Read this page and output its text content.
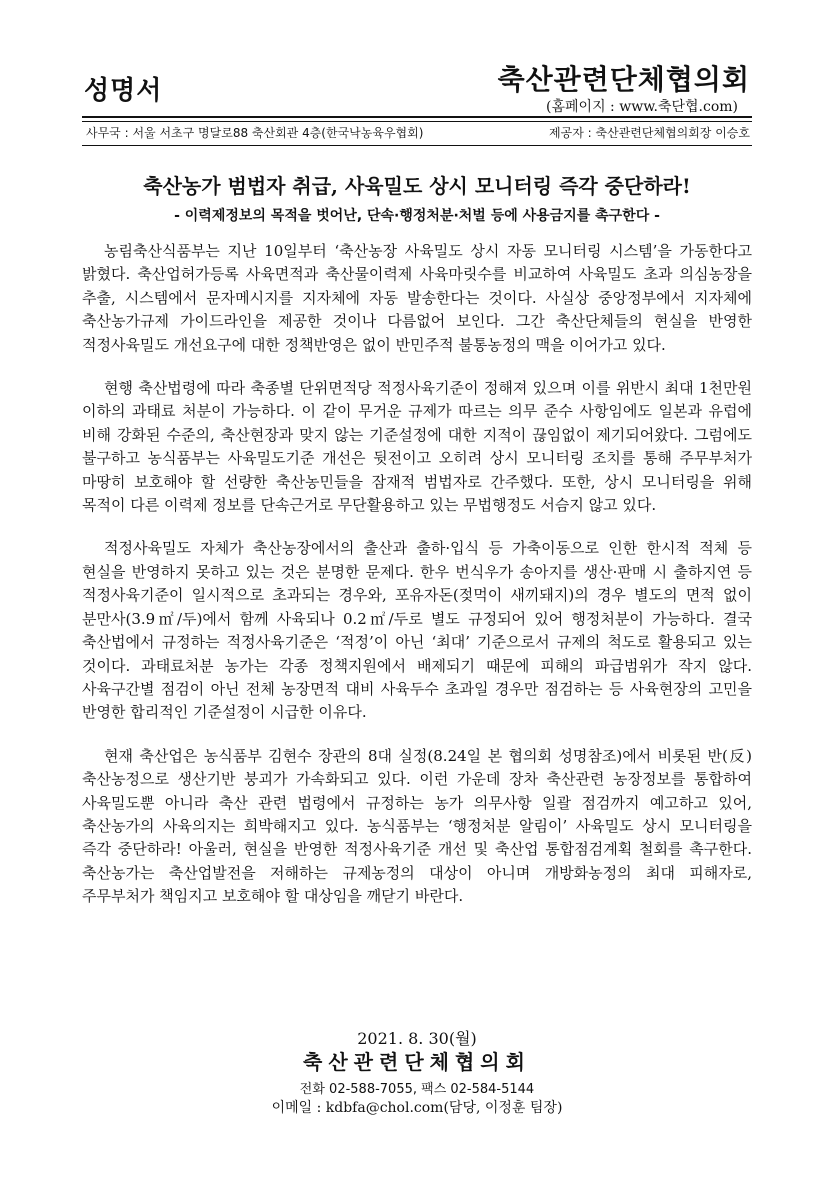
성명서	축산관련단체협의회
(홈페이지 : www.축단협.com)
사무국 : 서울 서초구 명달로88 축산회관 4층(한국낙농육우협회)	제공자 : 축산관련단체협의회장 이승호
축산농가 범법자 취급, 사육밀도 상시 모니터링 즉각 중단하라!
- 이력제정보의 목적을 벗어난, 단속·행정처분·처벌 등에 사용금지를 촉구한다 -

농림축산식품부는 지난 10일부터 ‘축산농장 사육밀도 상시 자동 모니터링 시스템’을 가동한다고 밝혔다. 축산업허가등록 사육면적과 축산물이력제 사육마릿수를 비교하여 사육밀도 초과 의심농장을 추출, 시스템에서 문자메시지를 지자체에 자동 발송한다는 것이다. 사실상 중앙정부에서 지자체에 축산농가규제 가이드라인을 제공한 것이나 다름없어 보인다. 그간 축산단체들의 현실을 반영한 적정사육밀도 개선요구에 대한 정책반영은 없이 반민주적 불통농정의 맥을 이어가고 있다.

현행 축산법령에 따라 축종별 단위면적당 적정사육기준이 정해져 있으며 이를 위반시 최대 1천만원 이하의 과태료 처분이 가능하다. 이 같이 무거운 규제가 따르는 의무 준수 사항임에도 일본과 유럽에 비해 강화된 수준의, 축산현장과 맞지 않는 기준설정에 대한 지적이 끊임없이 제기되어왔다. 그럼에도 불구하고 농식품부는 사육밀도기준 개선은 뒷전이고 오히려 상시 모니터링 조치를 통해 주무부처가 마땅히 보호해야 할 선량한 축산농민들을 잠재적 범법자로 간주했다. 또한, 상시 모니터링을 위해 목적이 다른 이력제 정보를 단속근거로 무단활용하고 있는 무법행정도 서슴지 않고 있다.

적정사육밀도 자체가 축산농장에서의 출산과 출하·입식 등 가축이동으로 인한 한시적 적체 등 현실을 반영하지 못하고 있는 것은 분명한 문제다. 한우 번식우가 송아지를 생산·판매 시 출하지연 등 적정사육기준이 일시적으로 초과되는 경우와, 포유자돈(젖먹이 새끼돼지)의 경우 별도의 면적 없이 분만사(3.9㎡/두)에서 함께 사육되나 0.2㎡/두로 별도 규정되어 있어 행정처분이 가능하다. 결국 축산법에서 규정하는 적정사육기준은 ‘적정’이 아닌 ‘최대’ 기준으로서 규제의 척도로 활용되고 있는 것이다. 과태료처분 농가는 각종 정책지원에서 배제되기 때문에 피해의 파급범위가 작지 않다. 사육구간별 점검이 아닌 전체 농장면적 대비 사육두수 초과일 경우만 점검하는 등 사육현장의 고민을 반영한 합리적인 기준설정이 시급한 이유다.

현재 축산업은 농식품부 김현수 장관의 8대 실정(8.24일 본 협의회 성명참조)에서 비롯된 반(反)축산농정으로 생산기반 붕괴가 가속화되고 있다. 이런 가운데 장차 축산관련 농장정보를 통합하여 사육밀도뿐 아니라 축산 관련 법령에서 규정하는 농가 의무사항 일괄 점검까지 예고하고 있어, 축산농가의 사육의지는 희박해지고 있다. 농식품부는 ‘행정처분 알림이’ 사육밀도 상시 모니터링을 즉각 중단하라! 아울러, 현실을 반영한 적정사육기준 개선 및 축산업 통합점검계획 철회를 촉구한다. 축산농가는 축산업발전을 저해하는 규제농정의 대상이 아니며 개방화농정의 최대 피해자로, 주무부처가 책임지고 보호해야 할 대상임을 깨닫기 바란다.

2021. 8. 30(월)
축산관련단체협의회
전화 02-588-7055, 팩스 02-584-5144
이메일 : kdbfa@chol.com(담당, 이정훈 팀장)
